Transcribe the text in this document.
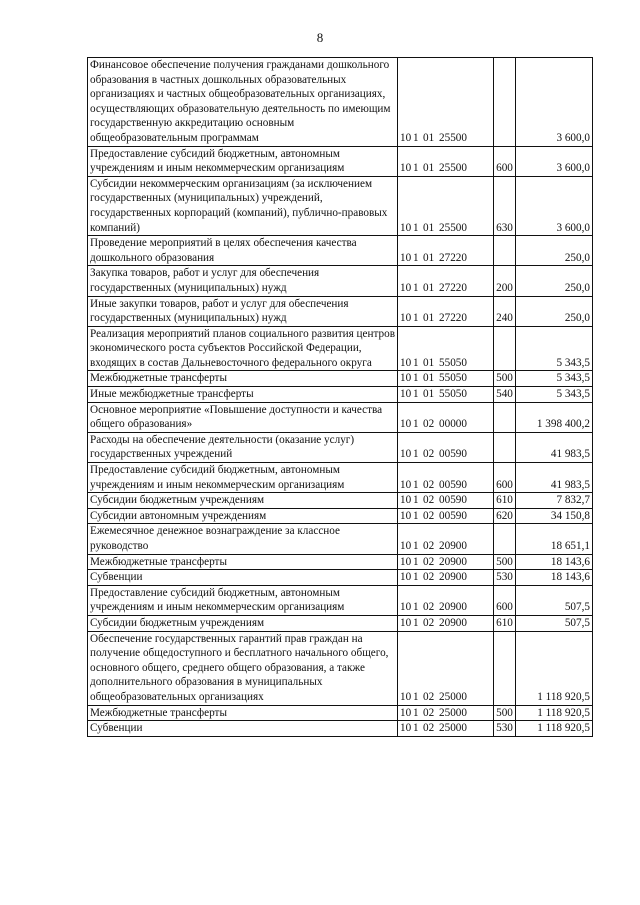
8
Финансовое обеспечение получения гражданами дошкольного образования в частных дошкольных образовательных организациях и частных общеобразовательных организациях, осуществляющих образовательную деятельность по имеющим государственную аккредитацию основным общеобразовательным программам	10 1 01 25500		3 600,0
Предоставление субсидий бюджетным, автономным учреждениям и иным некоммерческим организациям	10 1 01 25500	600	3 600,0
Субсидии некоммерческим организациям (за исключением государственных (муниципальных) учреждений, государственных корпораций (компаний), публично-правовых компаний)	10 1 01 25500	630	3 600,0
Проведение мероприятий в целях обеспечения качества дошкольного образования	10 1 01 27220		250,0
Закупка товаров, работ и услуг для обеспечения государственных (муниципальных) нужд	10 1 01 27220	200	250,0
Иные закупки товаров, работ и услуг для обеспечения государственных (муниципальных) нужд	10 1 01 27220	240	250,0
Реализация мероприятий планов социального развития центров экономического роста субъектов Российской Федерации, входящих в состав Дальневосточного федерального округа	10 1 01 55050		5 343,5
Межбюджетные трансферты	10 1 01 55050	500	5 343,5
Иные межбюджетные трансферты	10 1 01 55050	540	5 343,5
Основное мероприятие «Повышение доступности и качества общего образования»	10 1 02 00000		1 398 400,2
Расходы на обеспечение деятельности (оказание услуг) государственных учреждений	10 1 02 00590		41 983,5
Предоставление субсидий бюджетным, автономным учреждениям и иным некоммерческим организациям	10 1 02 00590	600	41 983,5
Субсидии бюджетным учреждениям	10 1 02 00590	610	7 832,7
Субсидии автономным учреждениям	10 1 02 00590	620	34 150,8
Ежемесячное денежное вознаграждение за классное руководство	10 1 02 20900		18 651,1
Межбюджетные трансферты	10 1 02 20900	500	18 143,6
Субвенции	10 1 02 20900	530	18 143,6
Предоставление субсидий бюджетным, автономным учреждениям и иным некоммерческим организациям	10 1 02 20900	600	507,5
Субсидии бюджетным учреждениям	10 1 02 20900	610	507,5
Обеспечение государственных гарантий прав граждан на получение общедоступного и бесплатного начального общего, основного общего, среднего общего образования, а также дополнительного образования в муниципальных общеобразовательных организациях	10 1 02 25000		1 118 920,5
Межбюджетные трансферты	10 1 02 25000	500	1 118 920,5
Субвенции	10 1 02 25000	530	1 118 920,5
